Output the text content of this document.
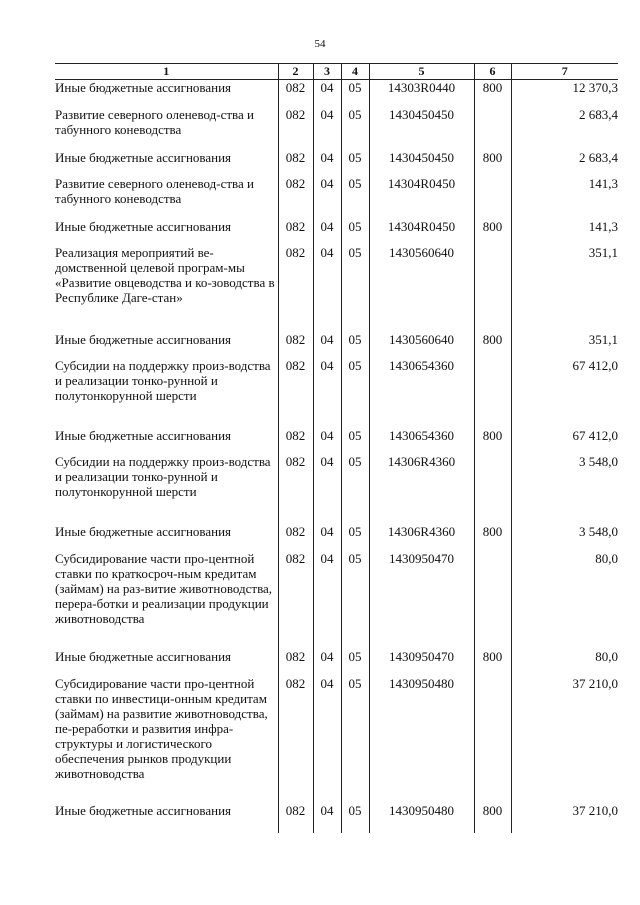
54
1	2	3	4	5	6	7
Иные бюджетные ассигнования	082	04	05	14303R0440	800	12 370,3
Развитие северного оленевод-ства и табунного коневодства	082	04	05	1430450450		2 683,4
Иные бюджетные ассигнования	082	04	05	1430450450	800	2 683,4
Развитие северного оленевод-ства и табунного коневодства	082	04	05	14304R0450		141,3
Иные бюджетные ассигнования	082	04	05	14304R0450	800	141,3
Реализация мероприятий ве-домственной целевой програм-мы «Развитие овцеводства и ко-зоводства в Республике Даге-стан»	082	04	05	1430560640		351,1
Иные бюджетные ассигнования	082	04	05	1430560640	800	351,1
Субсидии на поддержку произ-водства и реализации тонко-рунной и полутонкорунной шерсти	082	04	05	1430654360		67 412,0
Иные бюджетные ассигнования	082	04	05	1430654360	800	67 412,0
Субсидии на поддержку произ-водства и реализации тонко-рунной и полутонкорунной шерсти	082	04	05	14306R4360		3 548,0
Иные бюджетные ассигнования	082	04	05	14306R4360	800	3 548,0
Субсидирование части про-центной ставки по краткосроч-ным кредитам (займам) на раз-витие животноводства, перера-ботки и реализации продукции животноводства	082	04	05	1430950470		80,0
Иные бюджетные ассигнования	082	04	05	1430950470	800	80,0
Субсидирование части про-центной ставки по инвестици-онным кредитам (займам) на развитие животноводства, пе-реработки и развития инфра-структуры и логистического обеспечения рынков продукции животноводства	082	04	05	1430950480		37 210,0
Иные бюджетные ассигнования	082	04	05	1430950480	800	37 210,0
